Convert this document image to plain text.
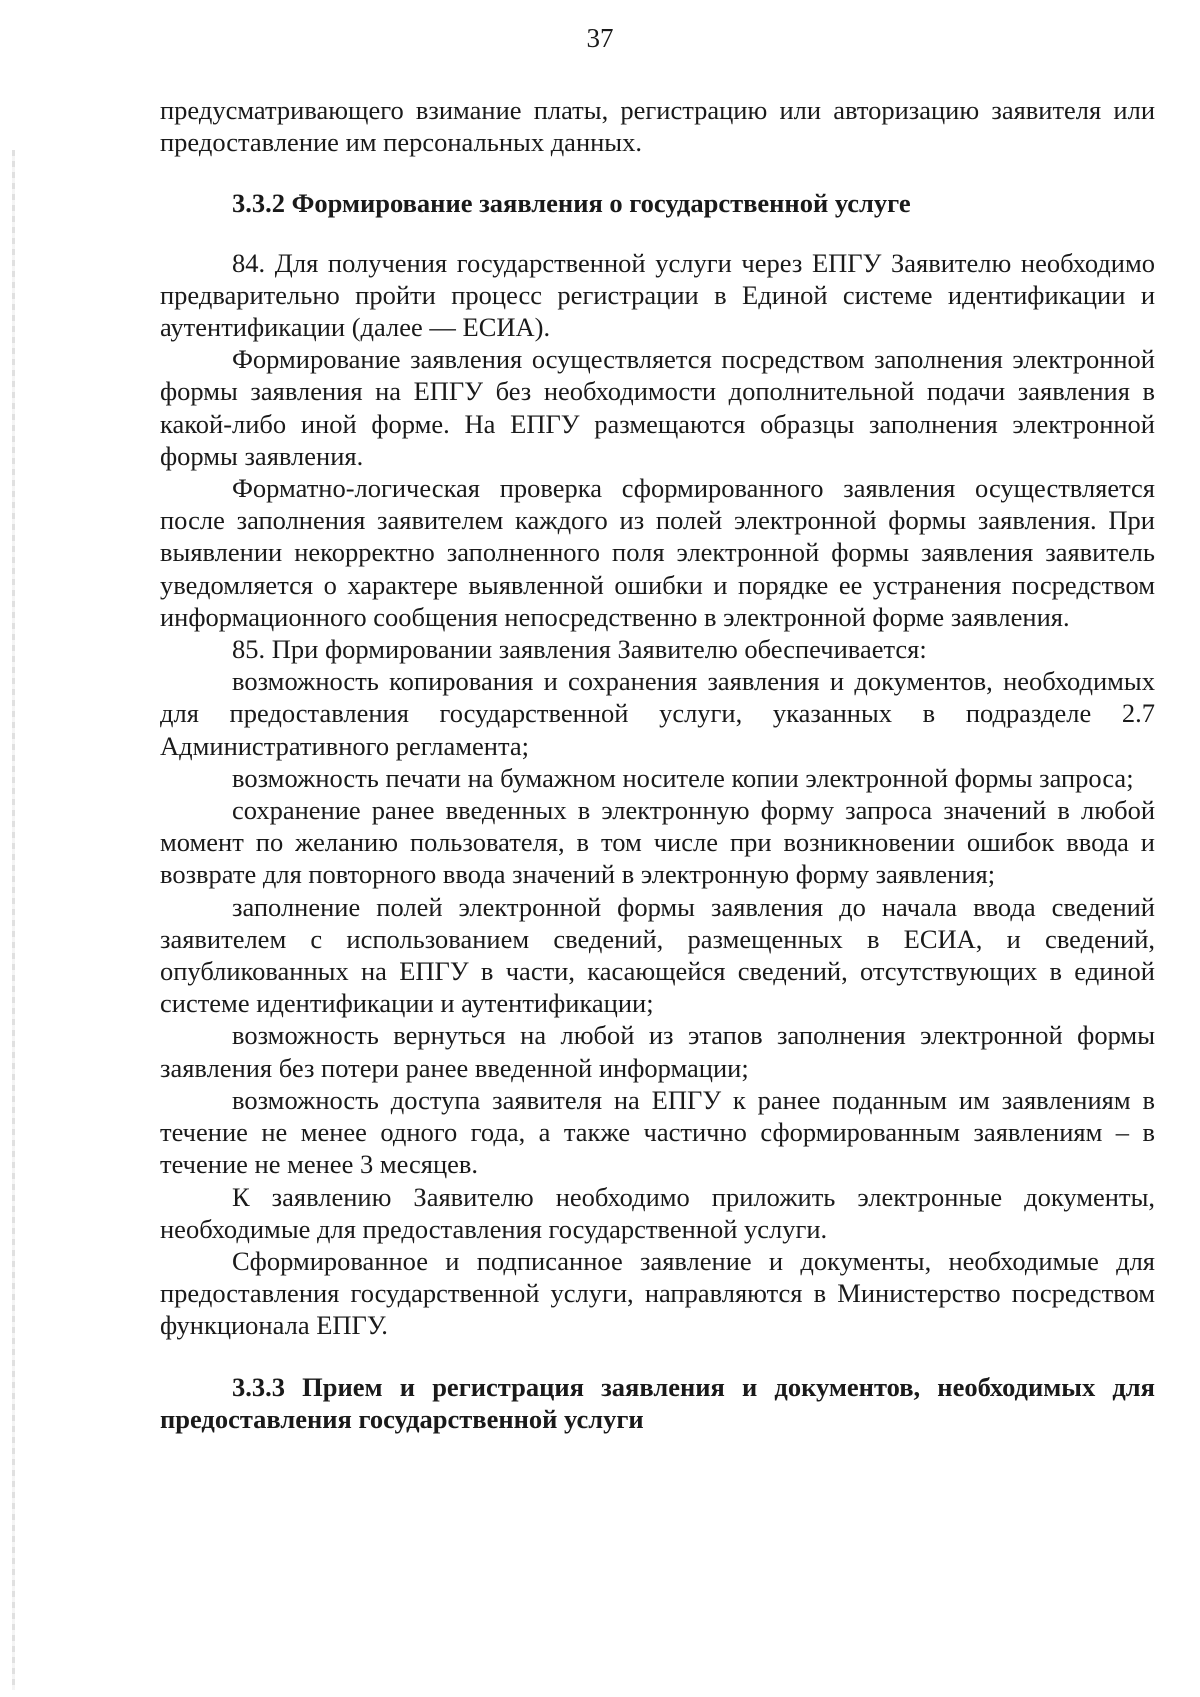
37

предусматривающего взимание платы, регистрацию или авторизацию заявителя или предоставление им персональных данных.

3.3.2 Формирование заявления о государственной услуге

84. Для получения государственной услуги через ЕПГУ Заявителю необходимо предварительно пройти процесс регистрации в Единой системе идентификации и аутентификации (далее — ЕСИА).

Формирование заявления осуществляется посредством заполнения электронной формы заявления на ЕПГУ без необходимости дополнительной подачи заявления в какой-либо иной форме. На ЕПГУ размещаются образцы заполнения электронной формы заявления.

Форматно-логическая проверка сформированного заявления осуществляется после заполнения заявителем каждого из полей электронной формы заявления. При выявлении некорректно заполненного поля электронной формы заявления заявитель уведомляется о характере выявленной ошибки и порядке ее устранения посредством информационного сообщения непосредственно в электронной форме заявления.

85. При формировании заявления Заявителю обеспечивается:

возможность копирования и сохранения заявления и документов, необходимых для предоставления государственной услуги, указанных в подразделе 2.7 Административного регламента;

возможность печати на бумажном носителе копии электронной формы запроса;

сохранение ранее введенных в электронную форму запроса значений в любой момент по желанию пользователя, в том числе при возникновении ошибок ввода и возврате для повторного ввода значений в электронную форму заявления;

заполнение полей электронной формы заявления до начала ввода сведений заявителем с использованием сведений, размещенных в ЕСИА, и сведений, опубликованных на ЕПГУ в части, касающейся сведений, отсутствующих в единой системе идентификации и аутентификации;

возможность вернуться на любой из этапов заполнения электронной формы заявления без потери ранее введенной информации;

возможность доступа заявителя на ЕПГУ к ранее поданным им заявлениям в течение не менее одного года, а также частично сформированным заявлениям – в течение не менее 3 месяцев.

К заявлению Заявителю необходимо приложить электронные документы, необходимые для предоставления государственной услуги.

Сформированное и подписанное заявление и документы, необходимые для предоставления государственной услуги, направляются в Министерство посредством функционала ЕПГУ.

3.3.3 Прием и регистрация заявления и документов, необходимых для предоставления государственной услуги
